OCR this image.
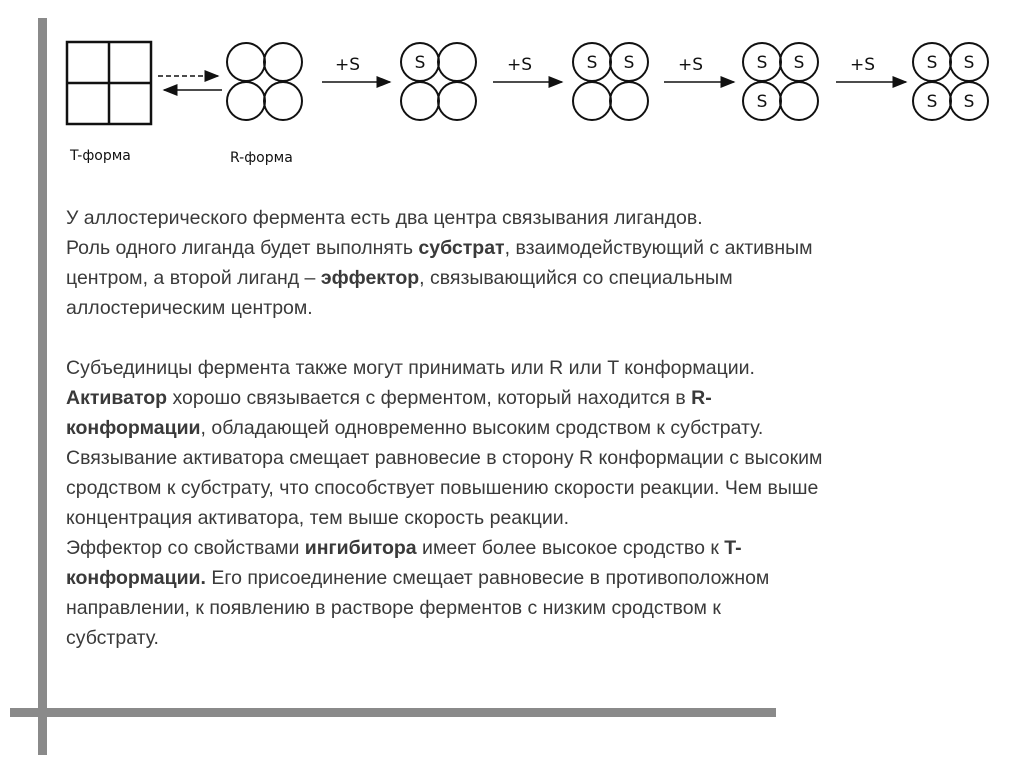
T-форма	R-форма
+S	S	+S	S S	+S	S S
S
+S	S S
S S

У аллостерического фермента есть два центра связывания лигандов.

Роль одного лиганда будет выполнять субстрат, взаимодействующий с активным

центром, а второй лиганд – эффектор, связывающийся со специальным

аллостерическим центром.

Субъединицы фермента также могут принимать или R или T конформации.

Активатор хорошо связывается с ферментом, который находится в R-

конформации, обладающей одновременно высоким сродством к субстрату.

Связывание активатора смещает равновесие в сторону R конформации с высоким

сродством к субстрату, что способствует повышению скорости реакции. Чем выше

концентрация активатора, тем выше скорость реакции.

Эффектор со свойствами ингибитора имеет более высокое сродство к T-

конформации. Его присоединение смещает равновесие в противоположном

направлении, к появлению в растворе ферментов с низким сродством к

субстрату.
